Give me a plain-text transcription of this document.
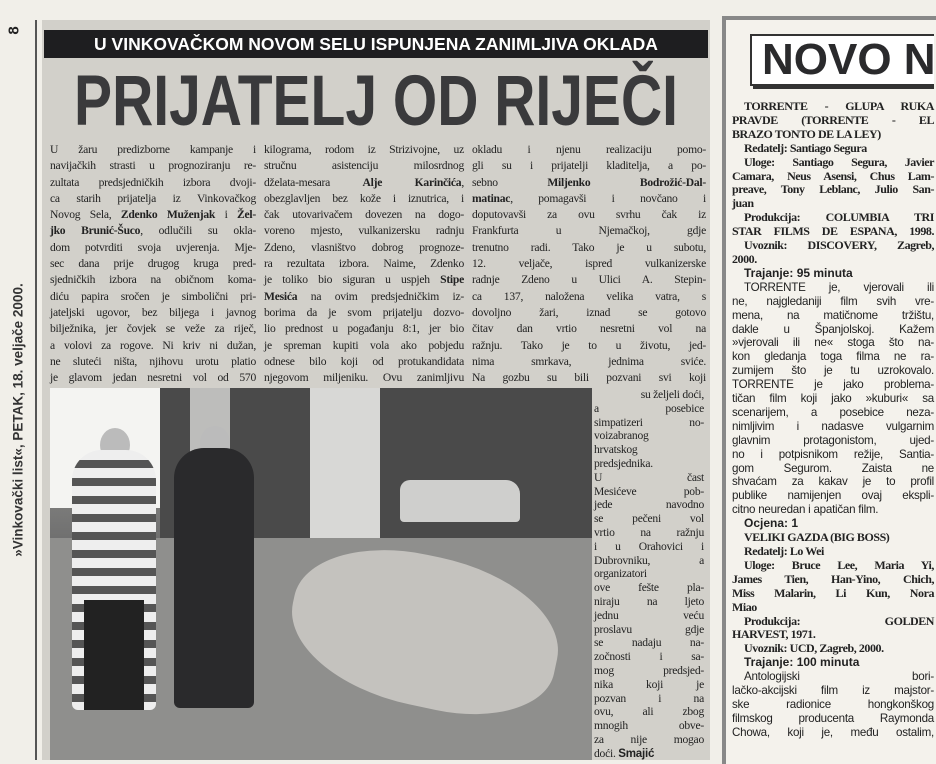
8
»Vinkovački list«, PETAK, 18. veljače 2000.
U VINKOVAČKOM NOVOM SELU ISPUNJENA ZANIMLJIVA OKLADA
PRIJATELJ OD RIJEČI
U žaru predizborne kampanje i
navijačkih strasti u prognoziranju re-
zultata predsjedničkih izbora dvoji-
ca starih prijatelja iz Vinkovačkog
Novog Sela, Zdenko Muženjak i Žel-
jko Brunić-Šuco, odlučili su okla-
dom potvrditi svoja uvjerenja. Mje-
sec dana prije drugog kruga pred-
sjedničkih izbora na običnom koma-
diću papira sročen je simbolični pri-
jateljski ugovor, bez biljega i javnog
bilježnika, jer čovjek se veže za riječ,
a volovi za rogove. Ni kriv ni dužan,
ne sluteći ništa, njihovu urotu platio
je glavom jedan nesretni vol od 570
kilograma, rodom iz Strizivojne, uz
stručnu asistenciju milosrdnog
dželata-mesara Alje Karinčića,
obezglavljen bez kože i iznutrica, i
čak utovarivačem dovezen na dogo-
voreno mjesto, vulkanizersku radnju
Zdeno, vlasništvo dobrog prognoze-
ra rezultata izbora. Naime, Zdenko
je toliko bio siguran u uspjeh Stipe
Mesića na ovim predsjedničkim iz-
borima da je svom prijatelju dozvo-
lio prednost u pogađanju 8:1, jer bio
je spreman kupiti vola ako pobjedu
odnese bilo koji od protukandidata
njegovom miljeniku. Ovu zanimljivu
okladu i njenu realizaciju pomo-
gli su i prijatelji kladitelja, a po-
sebno Miljenko Bodrožić-Dal-
matinac, pomagavši i novčano i
doputovavši za ovu svrhu čak iz
Frankfurta u Njemačkoj, gdje
trenutno radi. Tako je u subotu,
12. veljače, ispred vulkanizerske
radnje Zdeno u Ulici A. Stepin-
ca 137, naložena velika vatra, s
dovoljno žari, iznad se gotovo
čitav dan vrtio nesretni vol na
ražnju. Tako je to u životu, jed-
nima smrkava, jednima sviće.
Na gozbu su bili pozvani svi koji
su željeli doći,
a posebice
simpatizeri no-
voizabranog
hrvatskog
predsjednika.
U čast
Mesićeve pob-
jede navodno
se pečeni vol
vrtio na ražnju
i u Orahovici i
Dubrovniku, a
organizatori
ove fešte pla-
niraju na ljeto
jednu veću
proslavu gdje
se nadaju na-
zočnosti i sa-
mog predsjed-
nika koji je
pozvan i na
ovu, ali zbog
mnogih obve-
za nije mogao
doći. Smajić
NOVO N
TORRENTE - GLUPA RUKA
PRAVDE (TORRENTE - EL
BRAZO TONTO DE LA LEY)
Redatelj: Santiago Segura
Uloge: Santiago Segura, Javier
Camara, Neus Asensi, Chus Lam-
preave, Tony Leblanc, Julio San-
juan
Produkcija: COLUMBIA TRI
STAR FILMS DE ESPANA, 1998.
Uvoznik: DISCOVERY, Zagreb,
2000.
Trajanje: 95 minuta
TORRENTE je, vjerovali ili
ne, najgledaniji film svih vre-
mena, na matičnome tržištu,
dakle u Španjolskoj. Kažem
»vjerovali ili ne« stoga što na-
kon gledanja toga filma ne ra-
zumijem što je tu uzrokovalo.
TORRENTE je jako problema-
tičan film koji jako »kuburi« sa
scenarijem, a posebice neza-
nimljivim i nadasve vulgarnim
glavnim protagonistom, ujed-
no i potpisnikom režije, Santia-
gom Segurom. Zaista ne
shvaćam za kakav je to profil
publike namijenjen ovaj ekspli-
citno neuredan i apatičan film.
Ocjena: 1
VELIKI GAZDA (BIG BOSS)
Redatelj: Lo Wei
Uloge: Bruce Lee, Maria Yi,
James Tien, Han-Yino, Chich,
Miss Malarin, Li Kun, Nora
Miao
Produkcija: GOLDEN
HARVEST, 1971.
Uvoznik: UCD, Zagreb, 2000.
Trajanje: 100 minuta
Antologijski bori-
lačko-akcijski film iz majstor-
ske radionice hongkonškog
filmskog producenta Raymonda
Chowa, koji je, među ostalim,
